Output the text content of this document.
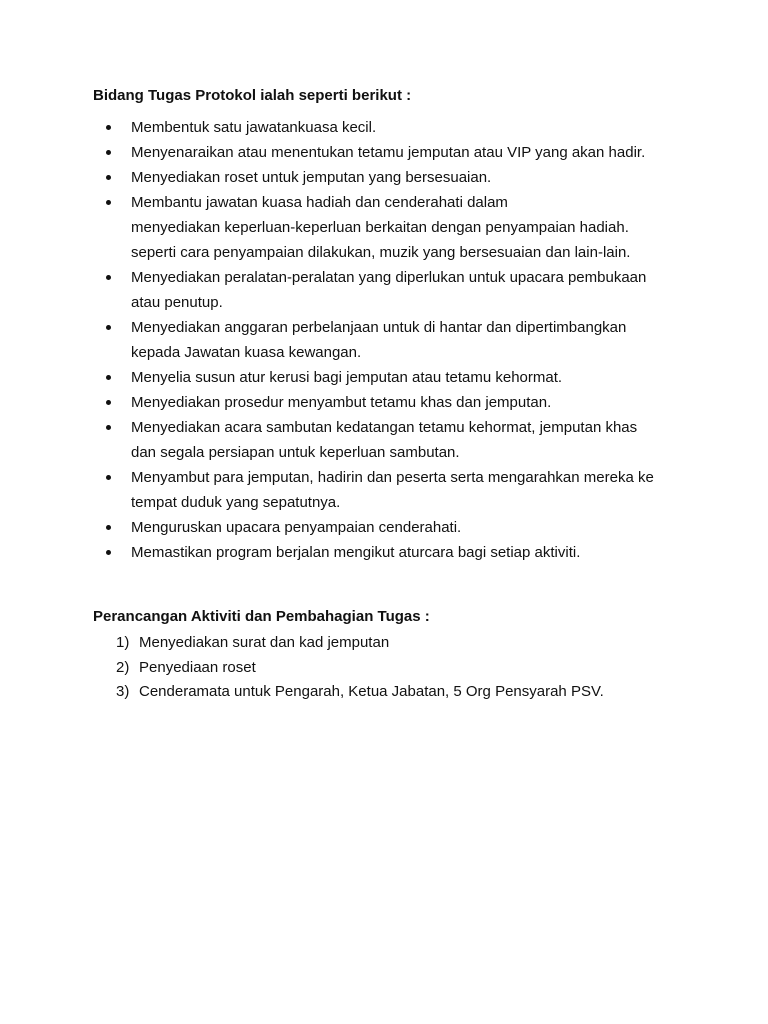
Bidang Tugas Protokol ialah seperti berikut :

Membentuk satu jawatankuasa kecil.
Menyenaraikan atau menentukan tetamu jemputan atau VIP yang akan hadir.
Menyediakan roset untuk jemputan yang bersesuaian.
Membantu jawatan kuasa hadiah dan cenderahati dalam
menyediakan keperluan-keperluan berkaitan dengan penyampaian hadiah.
seperti cara penyampaian dilakukan, muzik yang bersesuaian dan lain-lain.
Menyediakan peralatan-peralatan yang diperlukan untuk upacara pembukaan
atau penutup.
Menyediakan anggaran perbelanjaan untuk di hantar dan dipertimbangkan
kepada Jawatan kuasa kewangan.
Menyelia susun atur kerusi bagi jemputan atau tetamu kehormat.
Menyediakan prosedur menyambut tetamu khas dan jemputan.
Menyediakan acara sambutan kedatangan tetamu kehormat, jemputan khas
dan segala persiapan untuk keperluan sambutan.
Menyambut para jemputan, hadirin dan peserta serta mengarahkan mereka ke
tempat duduk yang sepatutnya.
Menguruskan upacara penyampaian cenderahati.
Memastikan program berjalan mengikut aturcara bagi setiap aktiviti.

Perancangan Aktiviti dan Pembahagian Tugas :

1) Menyediakan surat dan kad jemputan
2) Penyediaan roset
3) Cenderamata untuk Pengarah, Ketua Jabatan, 5 Org Pensyarah PSV.
